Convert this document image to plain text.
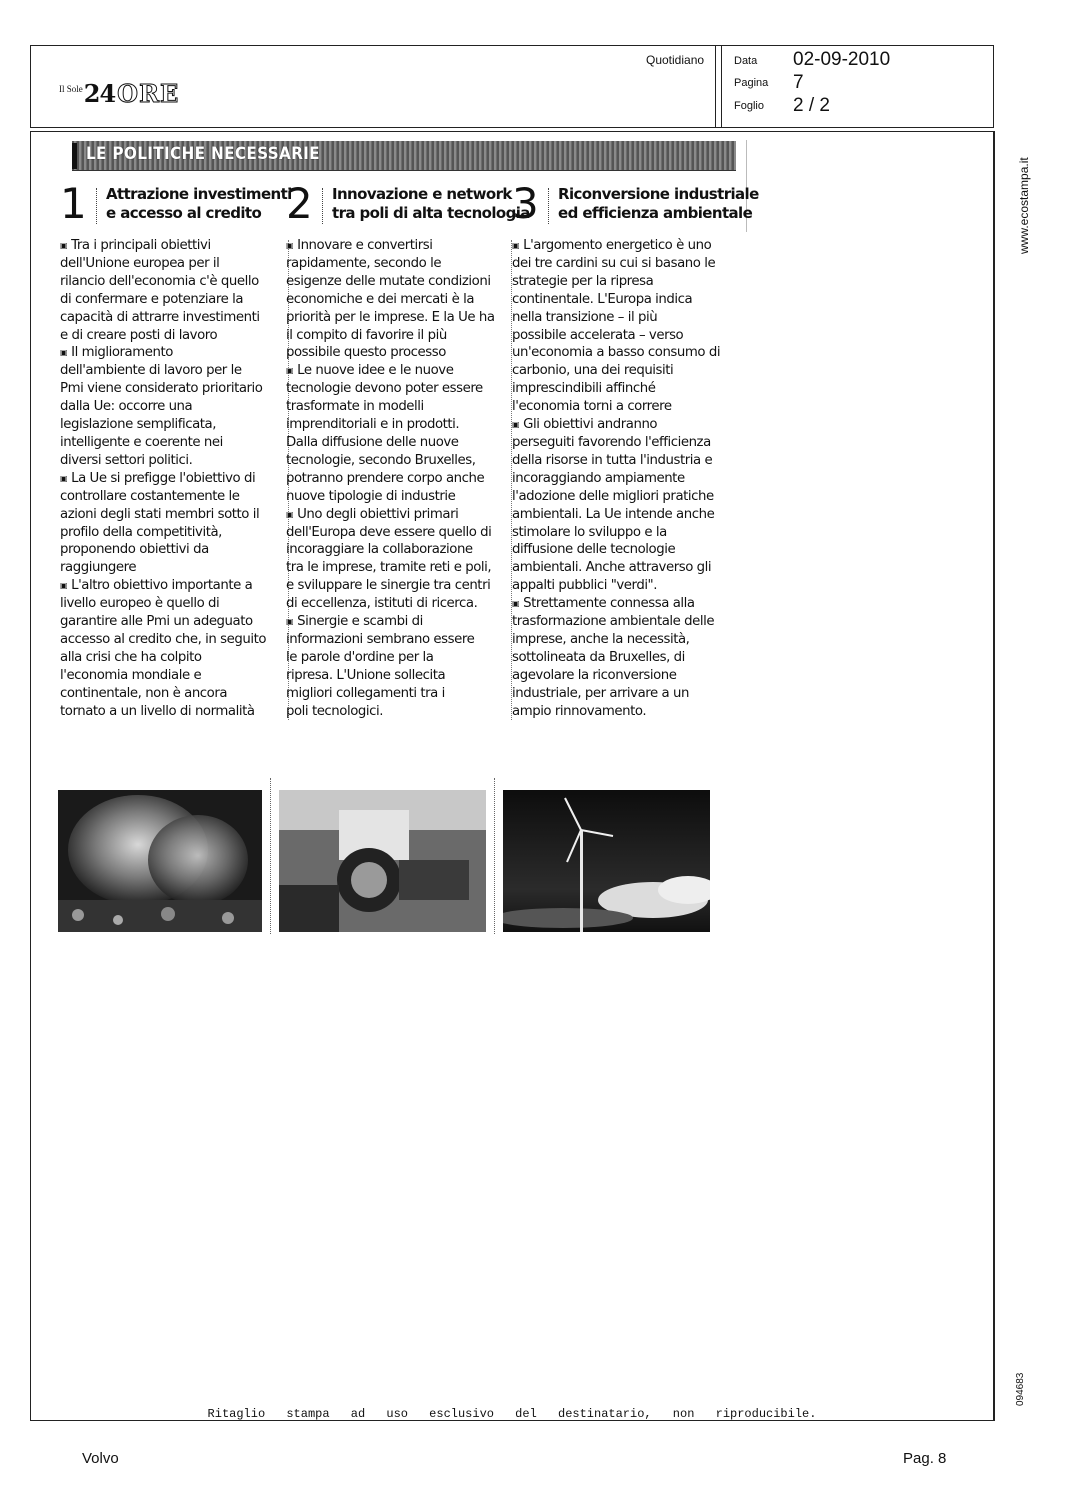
Il Sole 24 ORE
Quotidiano	Data 02-09-2010
Pagina 7
Foglio 2 / 2
www.ecostampa.it
094683
LE POLITICHE NECESSARIE
1 Attrazione investimenti
e accesso al credito

▣ Tra i principali obiettivi

dell'Unione europea per il

rilancio dell'economia c'è quello

di confermare e potenziare la

capacità di attrarre investimenti

e di creare posti di lavoro

▣ Il miglioramento

dell'ambiente di lavoro per le

Pmi viene considerato prioritario

dalla Ue: occorre una

legislazione semplificata,

intelligente e coerente nei

diversi settori politici.

▣ La Ue si prefigge l'obiettivo di

controllare costantemente le

azioni degli stati membri sotto il

profilo della competitività,

proponendo obiettivi da

raggiungere

▣ L'altro obiettivo importante a

livello europeo è quello di

garantire alle Pmi un adeguato

accesso al credito che, in seguito

alla crisi che ha colpito

l'economia mondiale e

continentale, non è ancora

tornato a un livello di normalità

2 Innovazione e network
tra poli di alta tecnologia

▣ Innovare e convertirsi

rapidamente, secondo le

esigenze delle mutate condizioni

economiche e dei mercati è la

priorità per le imprese. E la Ue ha

il compito di favorire il più

possibile questo processo

▣ Le nuove idee e le nuove

tecnologie devono poter essere

trasformate in modelli

imprenditoriali e in prodotti.

Dalla diffusione delle nuove

tecnologie, secondo Bruxelles,

potranno prendere corpo anche

nuove tipologie di industrie

▣ Uno degli obiettivi primari

dell'Europa deve essere quello di

incoraggiare la collaborazione

tra le imprese, tramite reti e poli,

e sviluppare le sinergie tra centri

di eccellenza, istituti di ricerca.

▣ Sinergie e scambi di

informazioni sembrano essere

le parole d'ordine per la

ripresa. L'Unione sollecita

migliori collegamenti tra i

poli tecnologici.

3 Riconversione industriale
ed efficienza ambientale

▣ L'argomento energetico è uno

dei tre cardini su cui si basano le

strategie per la ripresa

continentale. L'Europa indica

nella transizione – il più

possibile accelerata – verso

un'economia a basso consumo di

carbonio, una dei requisiti

imprescindibili affinché

l'economia torni a correre

▣ Gli obiettivi andranno

perseguiti favorendo l'efficienza

della risorse in tutta l'industria e

incoraggiando ampiamente

l'adozione delle migliori pratiche

ambientali. La Ue intende anche

stimolare lo sviluppo e la

diffusione delle tecnologie

ambientali. Anche attraverso gli

appalti pubblici "verdi".

▣ Strettamente connessa alla

trasformazione ambientale delle

imprese, anche la necessità,

sottolineata da Bruxelles, di

agevolare la riconversione

industriale, per arrivare a un

ampio rinnovamento.

Ritaglio stampa ad uso esclusivo del destinatario, non riproducibile.
Volvo	Pag. 8
